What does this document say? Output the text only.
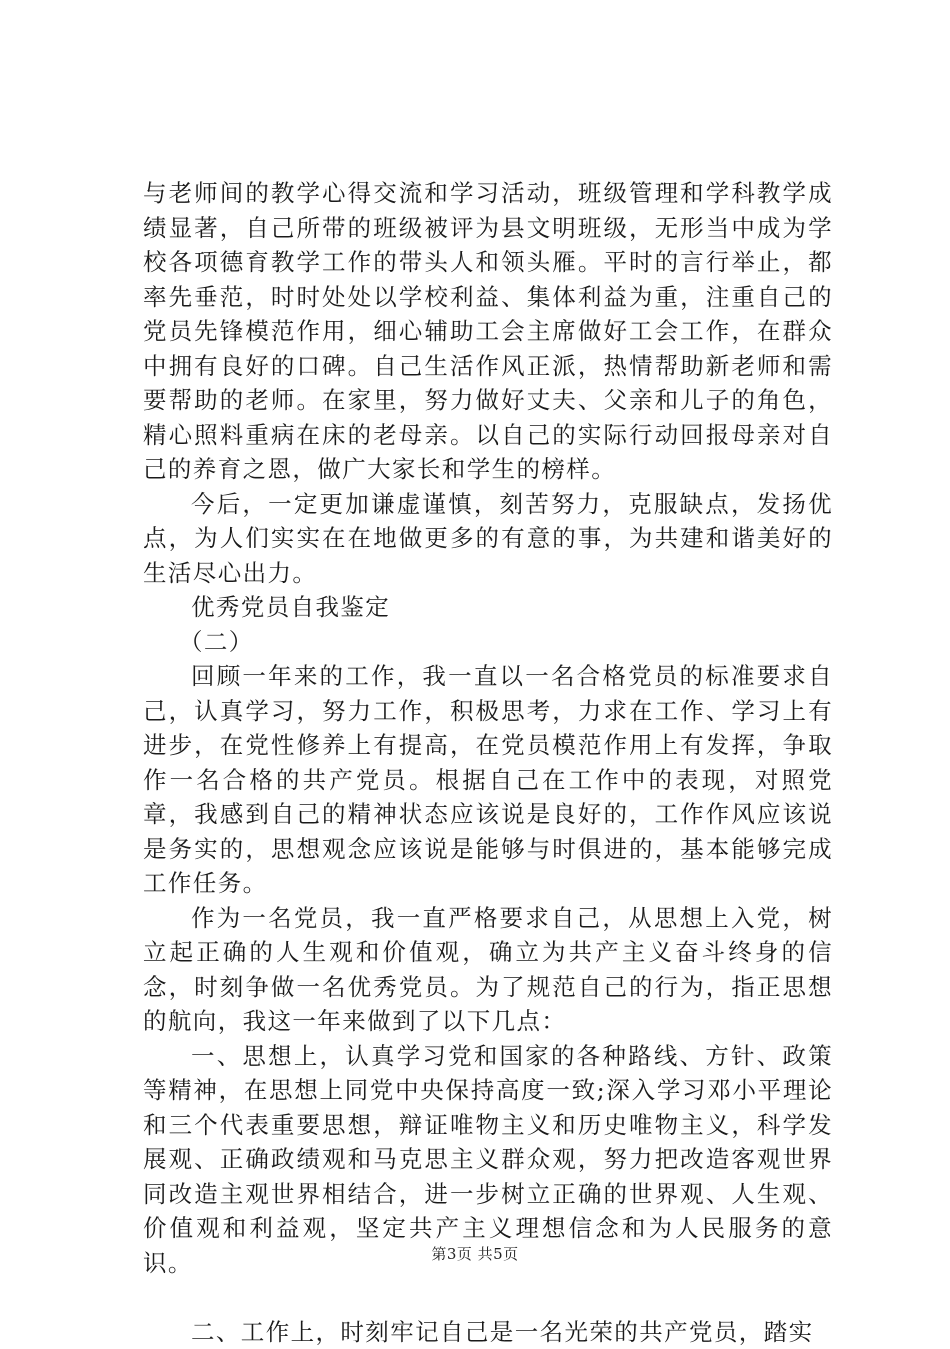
与老师间的教学心得交流和学习活动，班级管理和学科教学成绩显著，自己所带的班级被评为县文明班级，无形当中成为学校各项德育教学工作的带头人和领头雁。平时的言行举止，都率先垂范，时时处处以学校利益、集体利益为重，注重自己的党员先锋模范作用，细心辅助工会主席做好工会工作，在群众中拥有良好的口碑。自己生活作风正派，热情帮助新老师和需要帮助的老师。在家里，努力做好丈夫、父亲和儿子的角色，精心照料重病在床的老母亲。以自己的实际行动回报母亲对自己的养育之恩，做广大家长和学生的榜样。

今后，一定更加谦虚谨慎，刻苦努力，克服缺点，发扬优点，为人们实实在在地做更多的有意的事，为共建和谐美好的生活尽心出力。

优秀党员自我鉴定

（二）

回顾一年来的工作，我一直以一名合格党员的标准要求自己，认真学习，努力工作，积极思考，力求在工作、学习上有进步，在党性修养上有提高，在党员模范作用上有发挥，争取作一名合格的共产党员。根据自己在工作中的表现，对照党章，我感到自己的精神状态应该说是良好的，工作作风应该说是务实的，思想观念应该说是能够与时俱进的，基本能够完成工作任务。

作为一名党员，我一直严格要求自己，从思想上入党，树立起正确的人生观和价值观，确立为共产主义奋斗终身的信念，时刻争做一名优秀党员。为了规范自己的行为，指正思想的航向，我这一年来做到了以下几点：

一、思想上，认真学习党和国家的各种路线、方针、政策等精神，在思想上同党中央保持高度一致;深入学习邓小平理论和三个代表重要思想，辩证唯物主义和历史唯物主义，科学发展观、正确政绩观和马克思主义群众观，努力把改造客观世界同改造主观世界相结合，进一步树立正确的世界观、人生观、价值观和利益观，坚定共产主义理想信念和为人民服务的意识。

二、工作上，时刻牢记自己是一名光荣的共产党员，踏实

第3页 共5页
